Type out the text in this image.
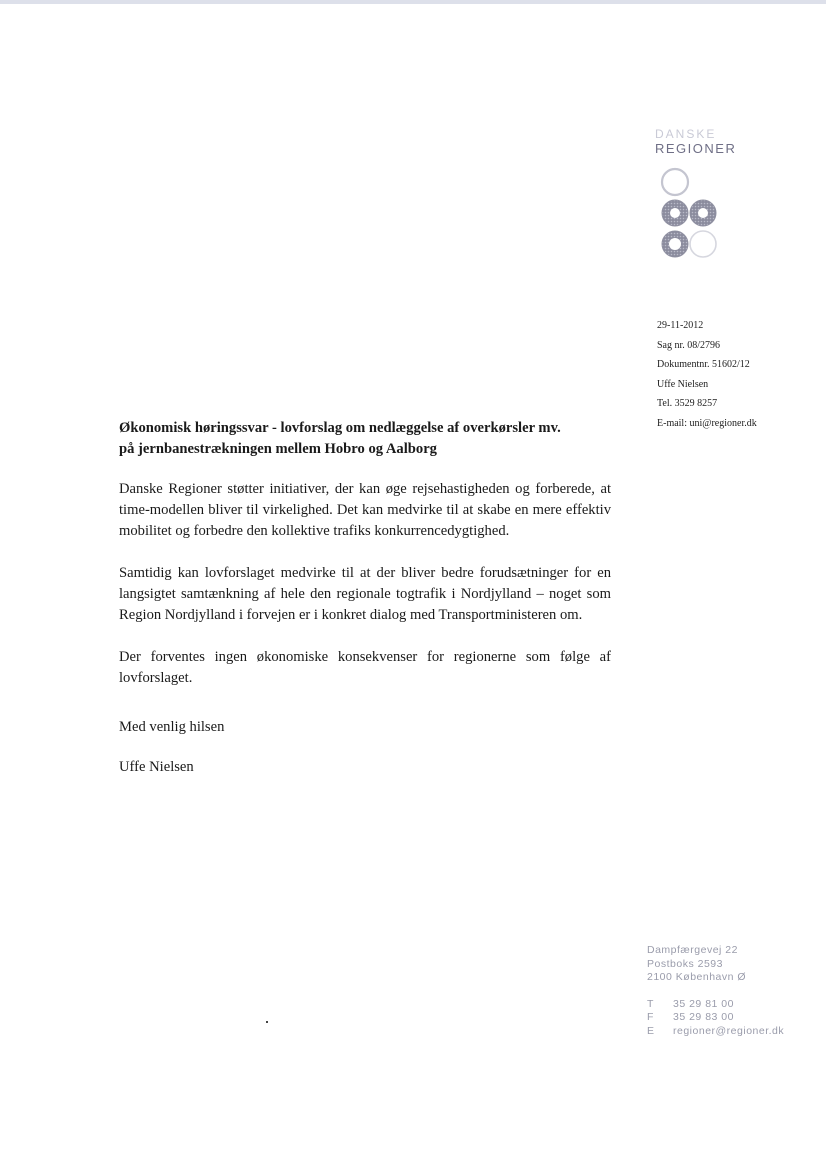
DANSKE
REGIONER
29-11-2012
Sag nr. 08/2796
Dokumentnr. 51602/12
Uffe Nielsen
Tel. 3529 8257
E-mail: uni@regioner.dk
Økonomisk høringssvar - lovforslag om nedlæggelse af overkørsler mv.
på jernbanestrækningen mellem Hobro og Aalborg

Danske Regioner støtter initiativer, der kan øge rejsehastigheden og forberede, at time-modellen bliver til virkelighed. Det kan medvirke til at skabe en mere effektiv mobilitet og forbedre den kollektive trafiks konkurrencedygtighed.

Samtidig kan lovforslaget medvirke til at der bliver bedre forudsætninger for en langsigtet samtænkning af hele den regionale togtrafik i Nordjylland – noget som Region Nordjylland i forvejen er i konkret dialog med Transportministeren om.

Der forventes ingen økonomiske konsekvenser for regionerne som følge af lovforslaget.

Med venlig hilsen
Uffe Nielsen
Dampfærgevej 22
Postboks 2593
2100 København Ø
T 35 29 81 00
F 35 29 83 00
E regioner@regioner.dk
